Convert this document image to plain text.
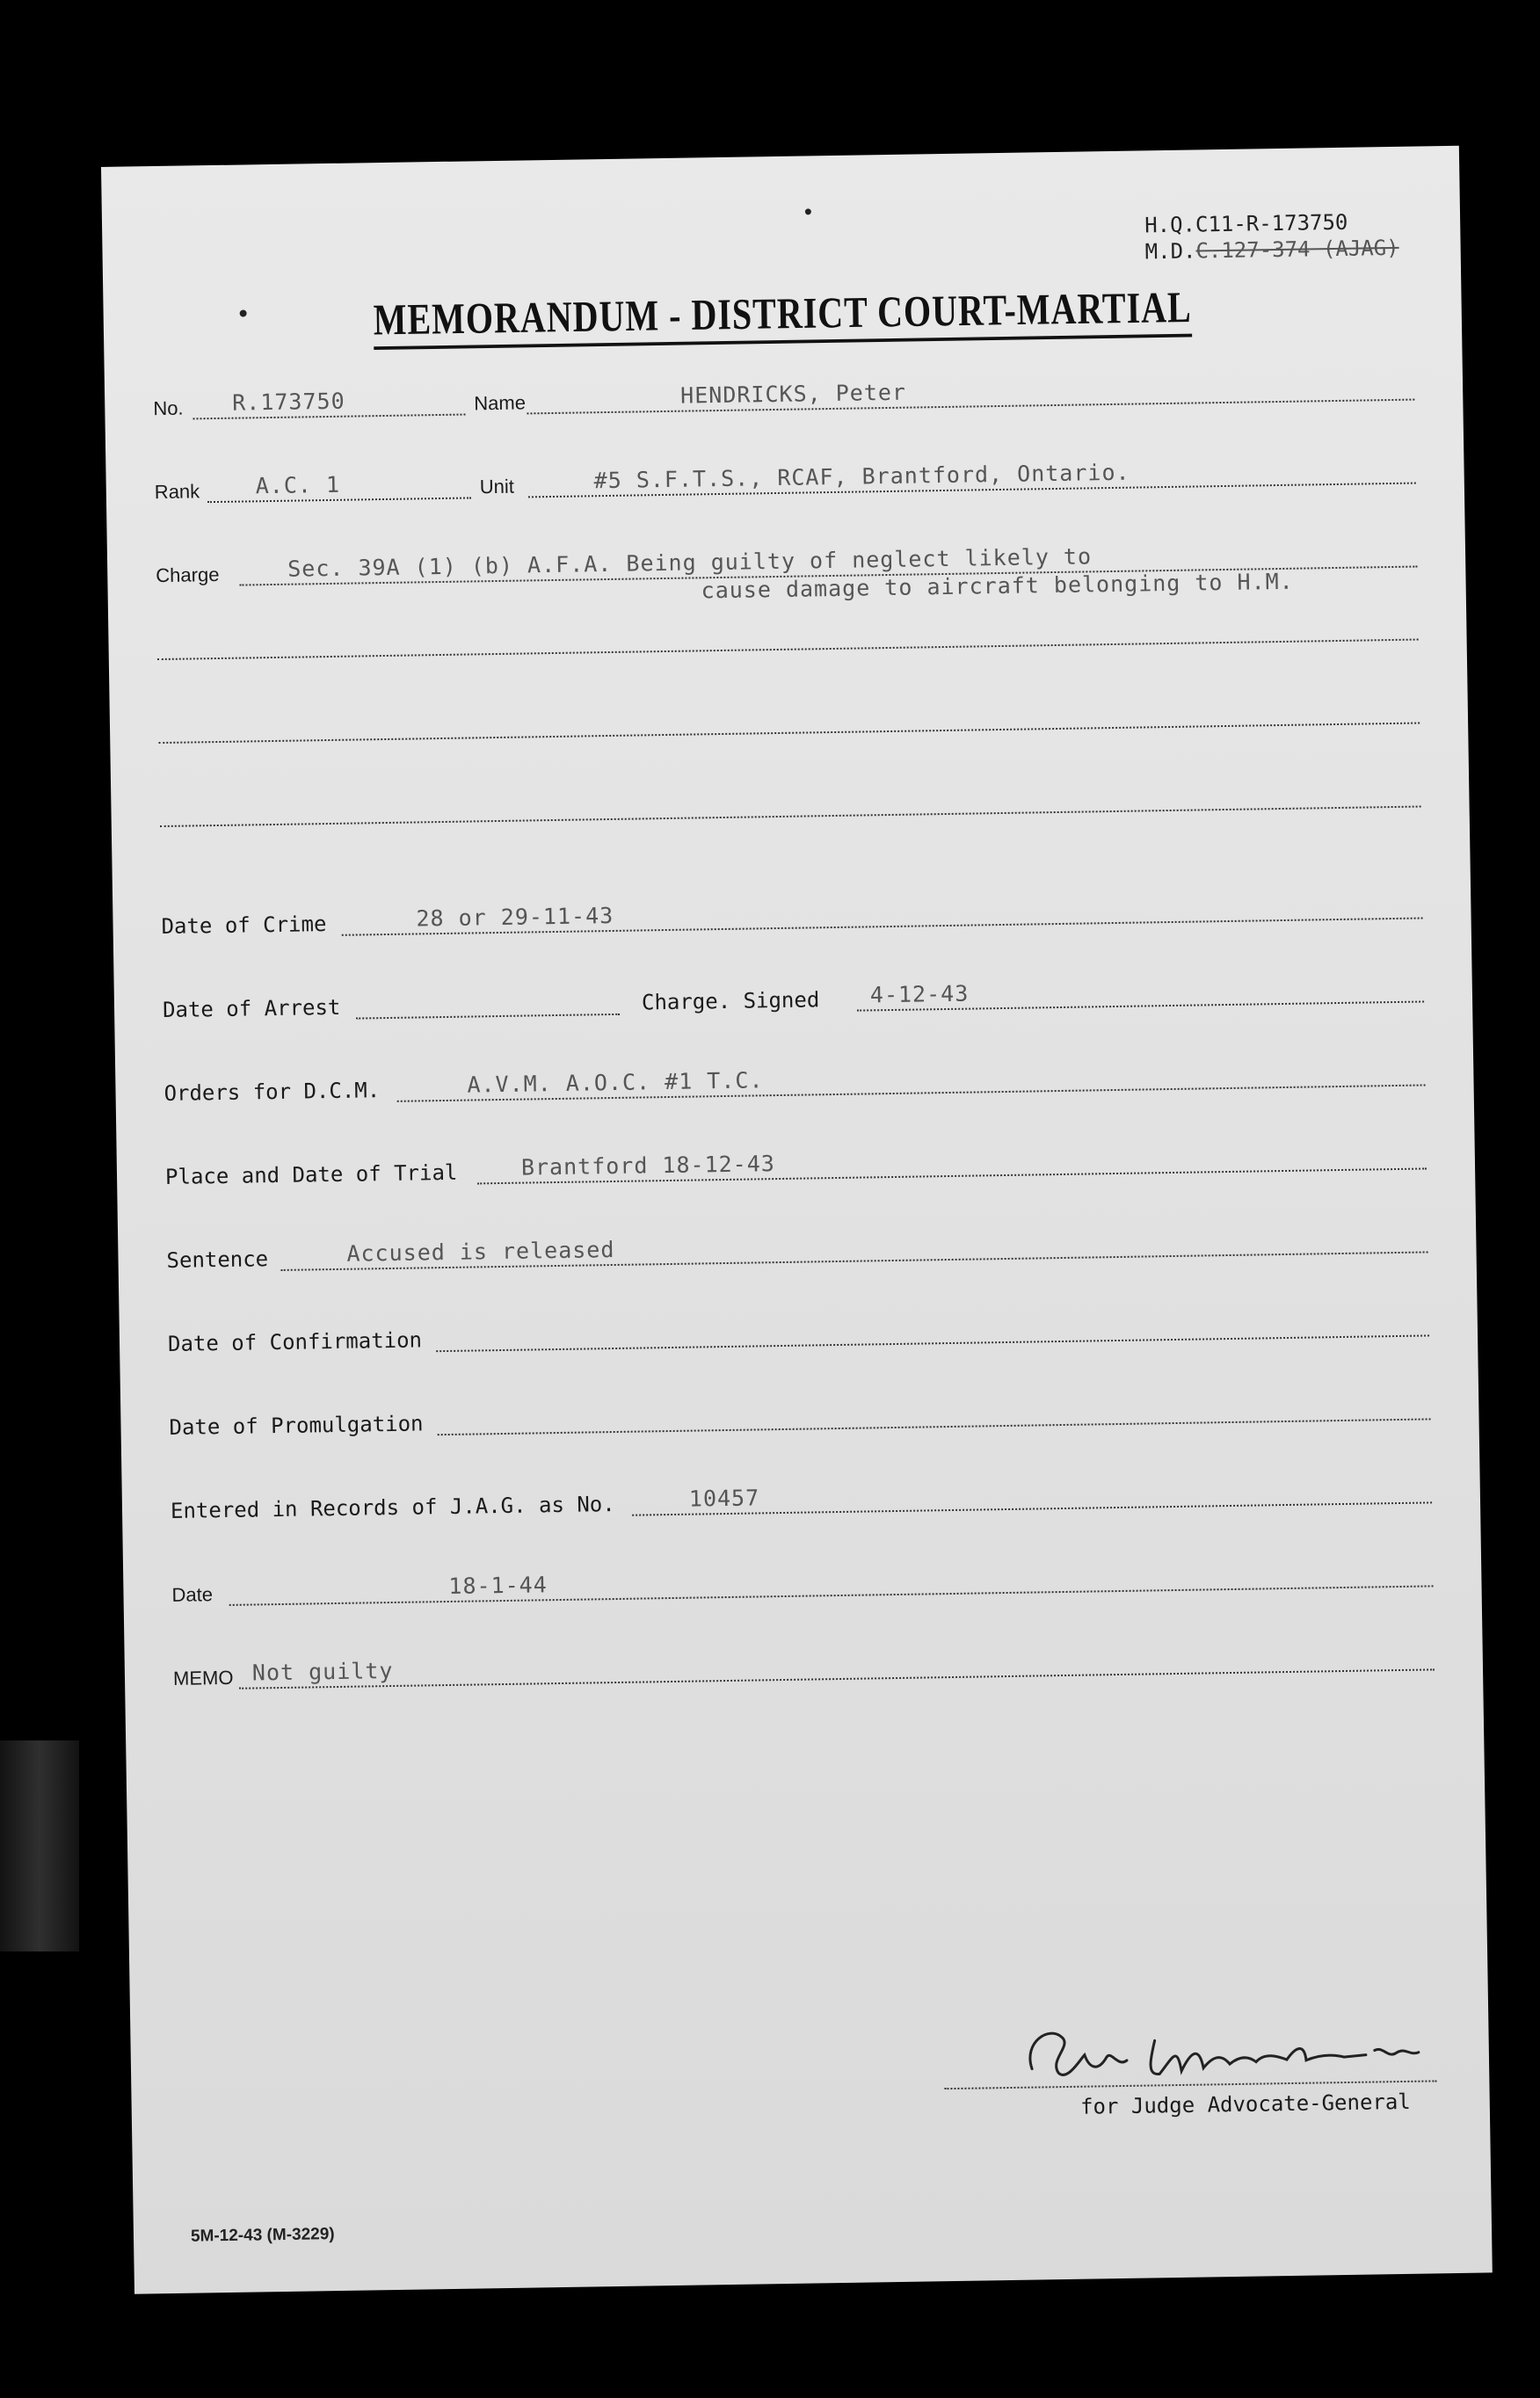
H.Q.C11-R-173750
M.D.C.127-374 (AJAG)
MEMORANDUM - DISTRICT COURT-MARTIAL
No. R.173750	Name	HENDRICKS, Peter
Rank	A.C. 1	Unit	#5 S.F.T.S., RCAF, Brantford, Ontario.
Charge	Sec. 39A (1) (b) A.F.A. Being guilty of neglect likely to
cause damage to aircraft belonging to H.M.
Date of Crime	28 or 29-11-43
Date of Arrest	Charge. Signed 4-12-43
Orders for D.C.M.	A.V.M. A.O.C. #1 T.C.
Place and Date of Trial	Brantford 18-12-43
Sentence	Accused is released
Date of Confirmation
Date of Promulgation
Entered in Records of J.A.G. as No.	10457
Date	18-1-44
MEMO Not guilty
for Judge Advocate-General
5M-12-43 (M-3229)
